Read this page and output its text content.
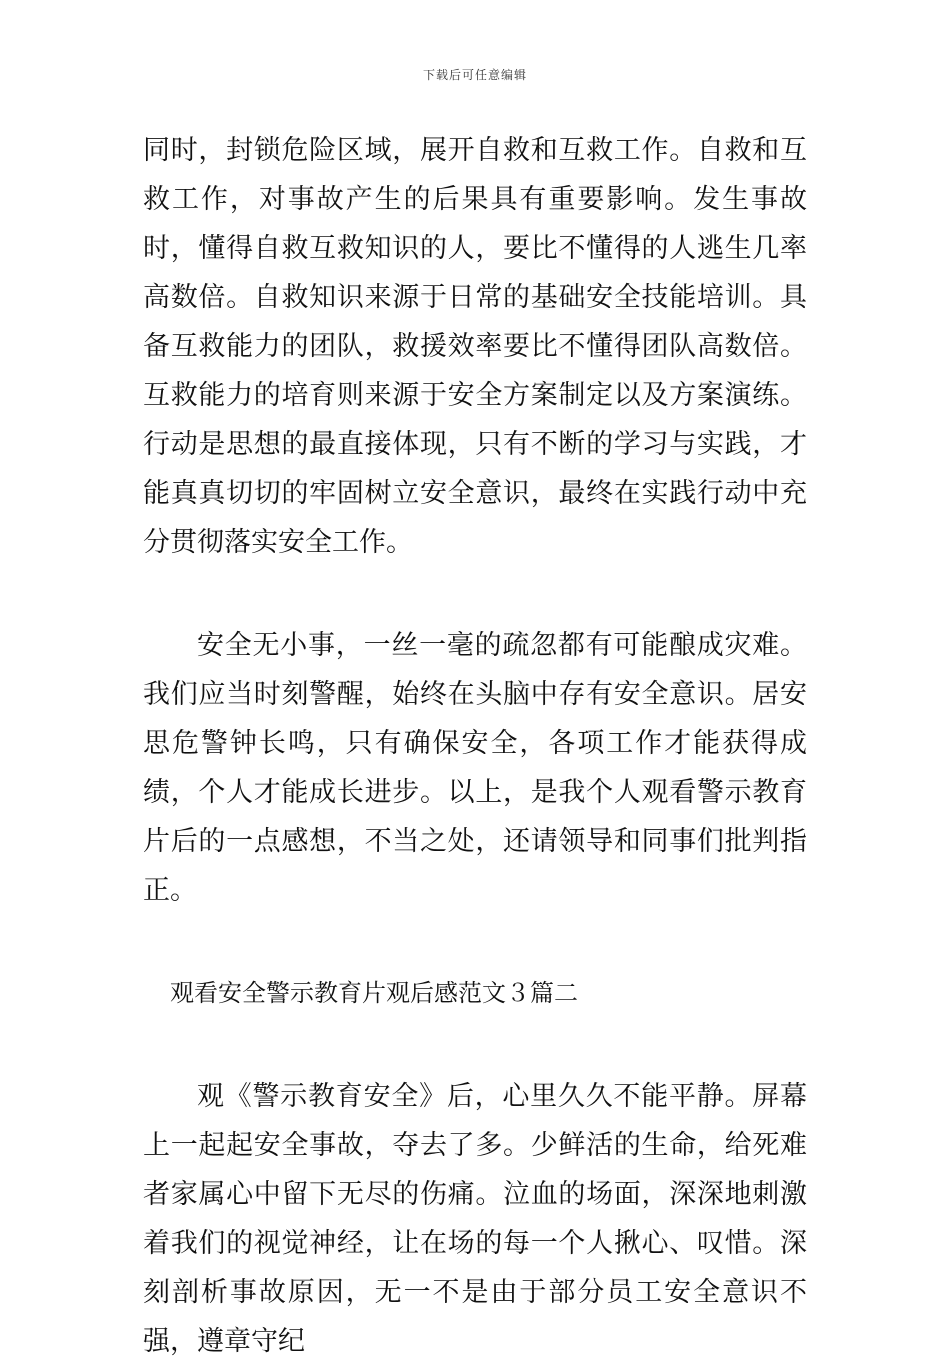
下载后可任意编辑

同时，封锁危险区域，展开自救和互救工作。自救和互救工作，对事故产生的后果具有重要影响。发生事故时，懂得自救互救知识的人，要比不懂得的人逃生几率高数倍。自救知识来源于日常的基础安全技能培训。具备互救能力的团队，救援效率要比不懂得团队高数倍。互救能力的培育则来源于安全方案制定以及方案演练。行动是思想的最直接体现，只有不断的学习与实践，才能真真切切的牢固树立安全意识，最终在实践行动中充分贯彻落实安全工作。

安全无小事，一丝一毫的疏忽都有可能酿成灾难。我们应当时刻警醒，始终在头脑中存有安全意识。居安思危警钟长鸣，只有确保安全，各项工作才能获得成绩，个人才能成长进步。以上，是我个人观看警示教育片后的一点感想，不当之处，还请领导和同事们批判指正。

观看安全警示教育片观后感范文３篇二

观《警示教育安全》后，心里久久不能平静。屏幕上一起起安全事故，夺去了多。少鲜活的生命，给死难者家属心中留下无尽的伤痛。泣血的场面，深深地刺激着我们的视觉神经，让在场的每一个人揪心、叹惜。深刻剖析事故原因，无一不是由于部分员工安全意识不强，遵章守纪
